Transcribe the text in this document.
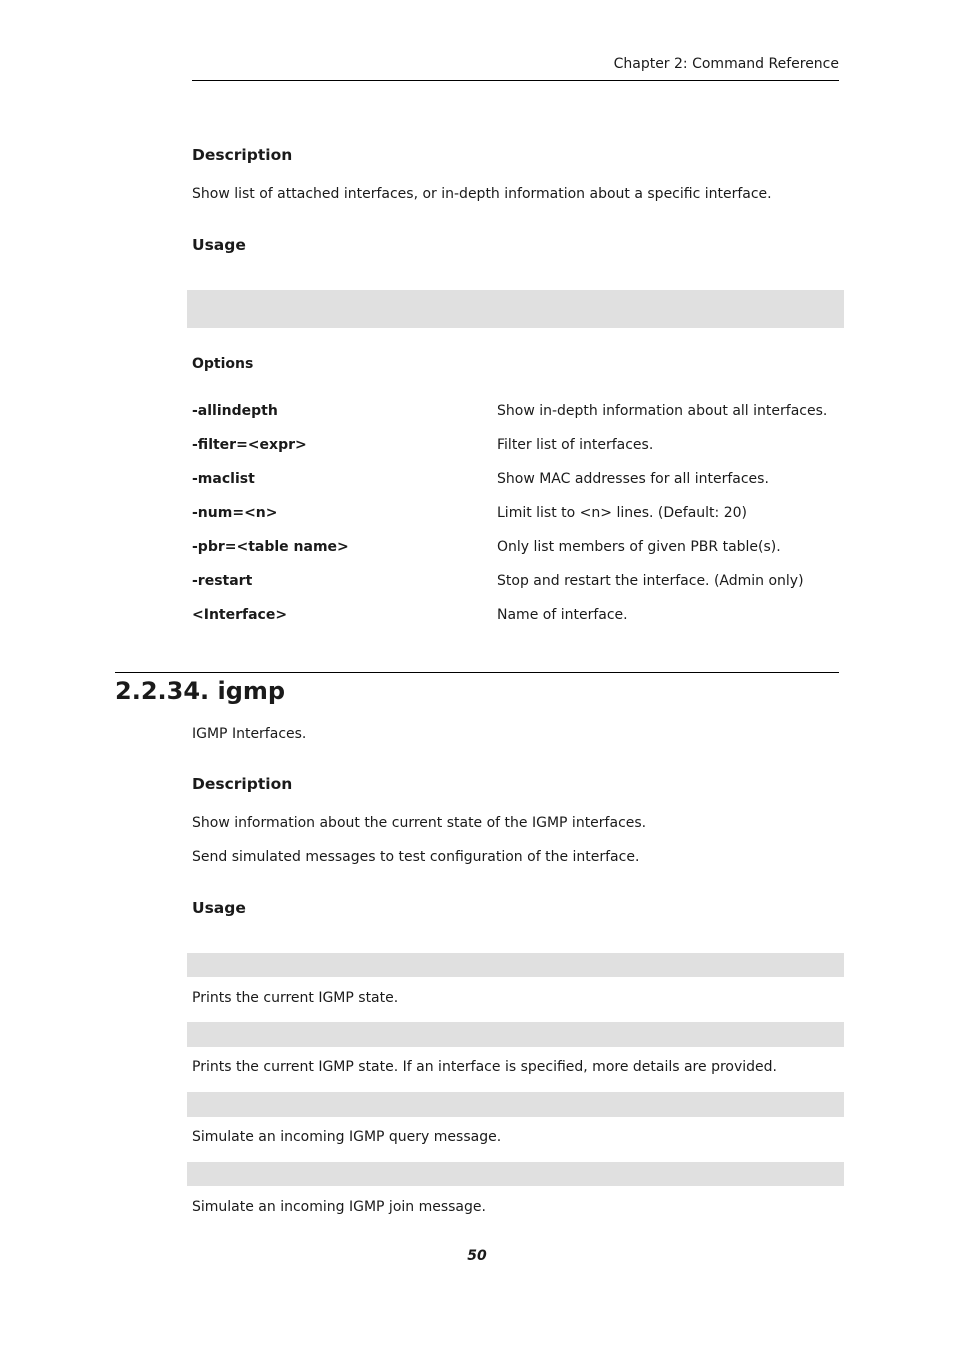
Chapter 2: Command Reference
Description
Show list of attached interfaces, or in-depth information about a specific interface.
Usage
Options
-allindepth	Show in-depth information about all interfaces.
-filter=<expr>	Filter list of interfaces.
-maclist	Show MAC addresses for all interfaces.
-num=<n>	Limit list to <n> lines. (Default: 20)
-pbr=<table name>	Only list members of given PBR table(s).
-restart	Stop and restart the interface. (Admin only)
<Interface>	Name of interface.
2.2.34. igmp
IGMP Interfaces.
Description
Show information about the current state of the IGMP interfaces.
Send simulated messages to test configuration of the interface.
Usage
Prints the current IGMP state.
Prints the current IGMP state. If an interface is specified, more details are provided.
Simulate an incoming IGMP query message.
Simulate an incoming IGMP join message.
50
